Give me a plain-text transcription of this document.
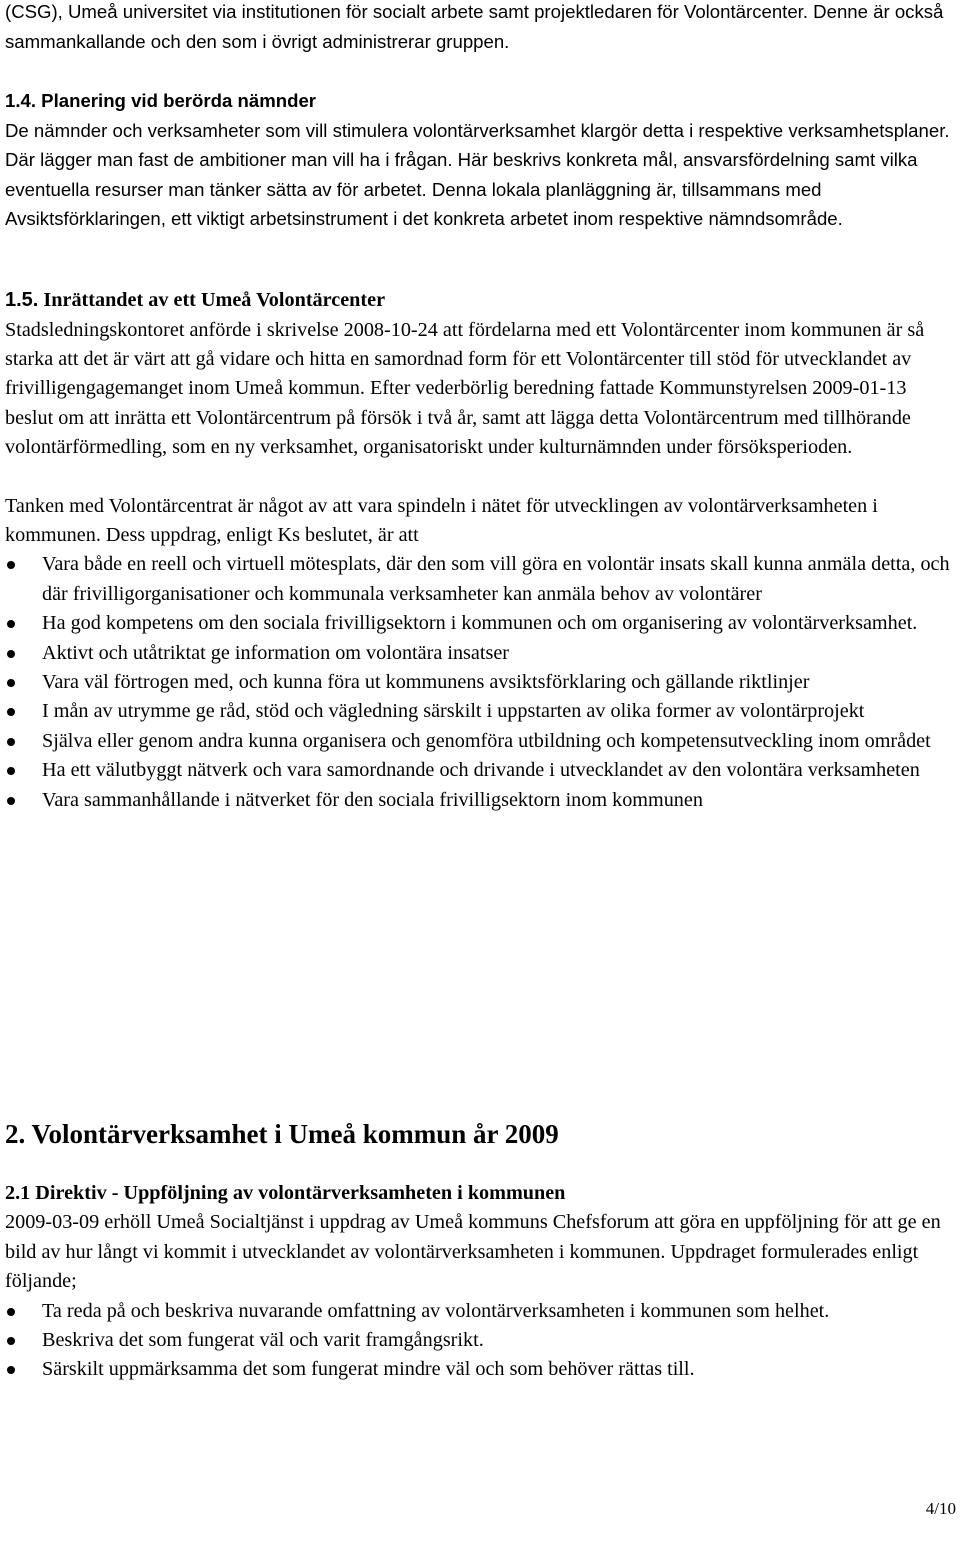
(CSG), Umeå universitet via institutionen för socialt arbete samt projektledaren för Volontärcenter. Denne är också sammankallande och den som i övrigt administrerar gruppen.

1.4. Planering vid berörda nämnder

De nämnder och verksamheter som vill stimulera volontärverksamhet klargör detta i respektive verksamhetsplaner. Där lägger man fast de ambitioner man vill ha i frågan. Här beskrivs konkreta mål, ansvarsfördelning samt vilka eventuella resurser man tänker sätta av för arbetet. Denna lokala planläggning är, tillsammans med Avsiktsförklaringen, ett viktigt arbetsinstrument i det konkreta arbetet inom respektive nämndsområde.

1.5. Inrättandet av ett Umeå Volontärcenter

Stadsledningskontoret anförde i skrivelse 2008-10-24 att fördelarna med ett Volontärcenter inom kommunen är så starka att det är värt att gå vidare och hitta en samordnad form för ett Volontärcenter till stöd för utvecklandet av frivilligengagemanget inom Umeå kommun. Efter vederbörlig beredning fattade Kommunstyrelsen 2009-01-13 beslut om att inrätta ett Volontärcentrum på försök i två år, samt att lägga detta Volontärcentrum med tillhörande volontärförmedling, som en ny verksamhet, organisatoriskt under kulturnämnden under försöksperioden.

Tanken med Volontärcentrat är något av att vara spindeln i nätet för utvecklingen av volontärverksamheten i kommunen. Dess uppdrag, enligt Ks beslutet, är att

Vara både en reell och virtuell mötesplats, där den som vill göra en volontär insats skall kunna anmäla detta, och där frivilligorganisationer och kommunala verksamheter kan anmäla behov av volontärer
Ha god kompetens om den sociala frivilligsektorn i kommunen och om organisering av volontärverksamhet.
Aktivt och utåtriktat ge information om volontära insatser
Vara väl förtrogen med, och kunna föra ut kommunens avsiktsförklaring och gällande riktlinjer
I mån av utrymme ge råd, stöd och vägledning särskilt i uppstarten av olika former av volontärprojekt
Själva eller genom andra kunna organisera och genomföra utbildning och kompetensutveckling inom området
Ha ett välutbyggt nätverk och vara samordnande och drivande i utvecklandet av den volontära verksamheten
Vara sammanhållande i nätverket för den sociala frivilligsektorn inom kommunen

2. Volontärverksamhet i Umeå kommun år 2009

2.1 Direktiv - Uppföljning av volontärverksamheten i kommunen

2009-03-09 erhöll Umeå Socialtjänst i uppdrag av Umeå kommuns Chefsforum att göra en uppföljning för att ge en bild av hur långt vi kommit i utvecklandet av volontärverksamheten i kommunen. Uppdraget formulerades enligt följande;

Ta reda på och beskriva nuvarande omfattning av volontärverksamheten i kommunen som helhet.
Beskriva det som fungerat väl och varit framgångsrikt.
Särskilt uppmärksamma det som fungerat mindre väl och som behöver rättas till.
4/10
